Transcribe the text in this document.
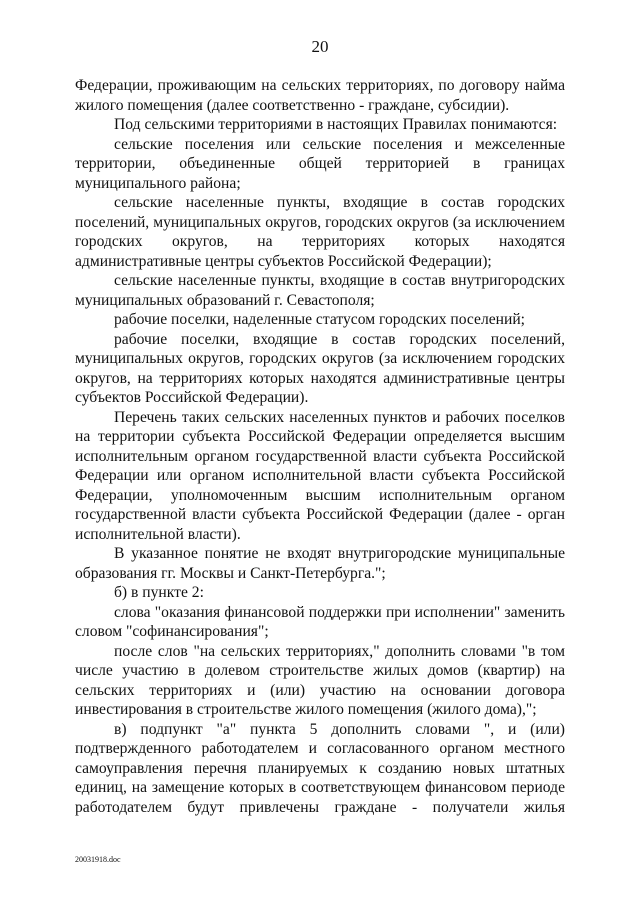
20

Федерации, проживающим на сельских территориях, по договору найма жилого помещения (далее соответственно - граждане, субсидии).

Под сельскими территориями в настоящих Правилах понимаются:

сельские поселения или сельские поселения и межселенные территории, объединенные общей территорией в границах муниципального района;

сельские населенные пункты, входящие в состав городских поселений, муниципальных округов, городских округов (за исключением городских округов, на территориях которых находятся административные центры субъектов Российской Федерации);

сельские населенные пункты, входящие в состав внутригородских муниципальных образований г. Севастополя;

рабочие поселки, наделенные статусом городских поселений;

рабочие поселки, входящие в состав городских поселений, муниципальных округов, городских округов (за исключением городских округов, на территориях которых находятся административные центры субъектов Российской Федерации).

Перечень таких сельских населенных пунктов и рабочих поселков на территории субъекта Российской Федерации определяется высшим исполнительным органом государственной власти субъекта Российской Федерации или органом исполнительной власти субъекта Российской Федерации, уполномоченным высшим исполнительным органом государственной власти субъекта Российской Федерации (далее - орган исполнительной власти).

В указанное понятие не входят внутригородские муниципальные образования гг. Москвы и Санкт-Петербурга.";

б) в пункте 2:

слова "оказания финансовой поддержки при исполнении" заменить словом "софинансирования";

после слов "на сельских территориях," дополнить словами "в том числе участию в долевом строительстве жилых домов (квартир) на сельских территориях и (или) участию на основании договора инвестирования в строительстве жилого помещения (жилого дома),";

в) подпункт "а" пункта 5 дополнить словами ", и (или) подтвержденного работодателем и согласованного органом местного самоуправления перечня планируемых к созданию новых штатных единиц, на замещение которых в соответствующем финансовом периоде работодателем будут привлечены граждане - получатели жилья

20031918.doc
